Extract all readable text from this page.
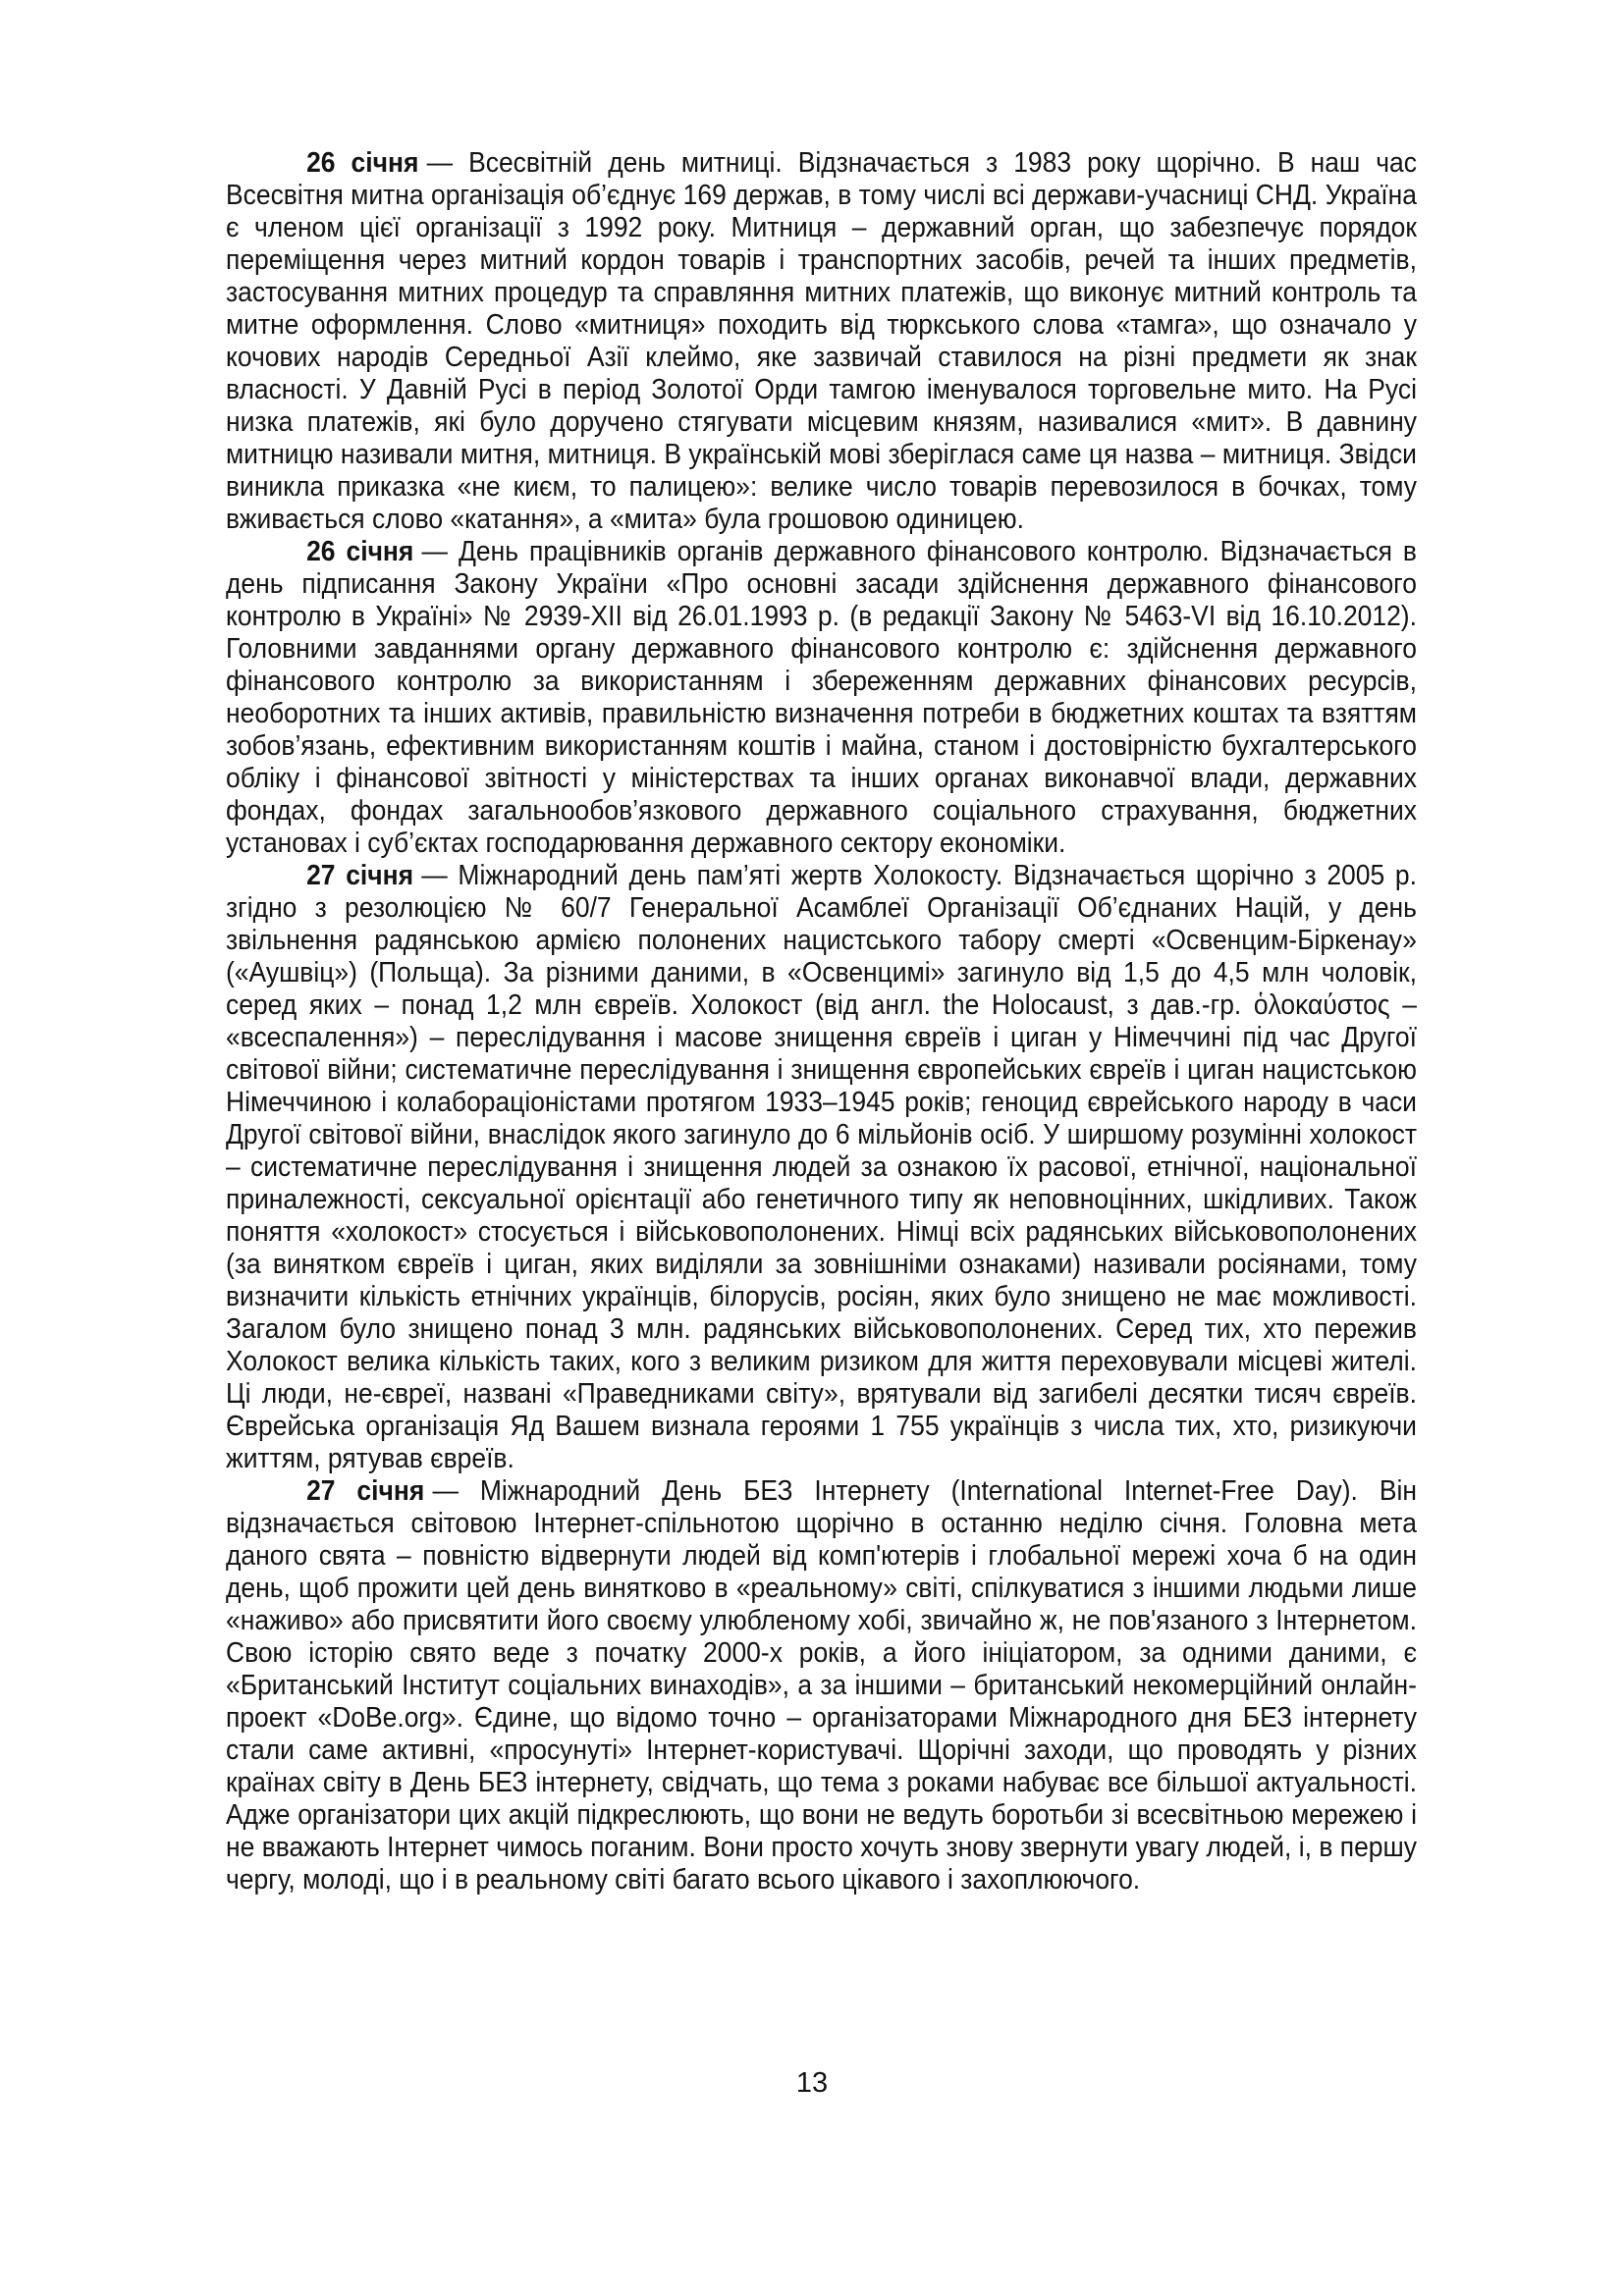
26 січня — Всесвітній день митниці. Відзначається з 1983 року щорічно. В наш час Всесвітня митна організація об’єднує 169 держав, в тому числі всі держави-учасниці СНД. Україна є членом цієї організації з 1992 року. Митниця – державний орган, що забезпечує порядок переміщення через митний кордон товарів і транспортних засобів, речей та інших предметів, застосування митних процедур та справляння митних платежів, що виконує митний контроль та митне оформлення. Слово «митниця» походить від тюркського слова «тамга», що означало у кочових народів Середньої Азії клеймо, яке зазвичай ставилося на різні предмети як знак власності. У Давній Русі в період Золотої Орди тамгою іменувалося торговельне мито. На Русі низка платежів, які було доручено стягувати місцевим князям, називалися «мит». В давнину митницю називали митня, митниця. В українській мові зберіглася саме ця назва – митниця. Звідси виникла приказка «не києм, то палицею»: велике число товарів перевозилося в бочках, тому вживається слово «катання», а «мита» була грошовою одиницею.

26 січня — День працівників органів державного фінансового контролю. Відзначається в день підписання Закону України «Про основні засади здійснення державного фінансового контролю в Україні» № 2939-XII від 26.01.1993 р. (в редакції Закону № 5463-VI від 16.10.2012). Головними завданнями органу державного фінансового контролю є: здійснення державного фінансового контролю за використанням і збереженням державних фінансових ресурсів, необоротних та інших активів, правильністю визначення потреби в бюджетних коштах та взяттям зобов’язань, ефективним використанням коштів і майна, станом і достовірністю бухгалтерського обліку і фінансової звітності у міністерствах та інших органах виконавчої влади, державних фондах, фондах загальнообов’язкового державного соціального страхування, бюджетних установах і суб’єктах господарювання державного сектору економіки.

27 січня — Міжнародний день пам’яті жертв Холокосту. Відзначається щорічно з 2005 р. згідно з резолюцією № 60/7 Генеральної Асамблеї Організації Об’єднаних Націй, у день звільнення радянською армією полонених нацистського табору смерті «Освенцим-Біркенау» («Аушвіц») (Польща). За різними даними, в «Освенцимі» загинуло від 1,5 до 4,5 млн чоловік, серед яких – понад 1,2 млн євреїв. Холокост (від англ. the Holocaust, з дав.-гр. ὁλοκαύστος – «всеспалення») – переслідування і масове знищення євреїв і циган у Німеччині під час Другої світової війни; систематичне переслідування і знищення європейських євреїв і циган нацистською Німеччиною і колабораціоністами протягом 1933–1945 років; геноцид єврейського народу в часи Другої світової війни, внаслідок якого загинуло до 6 мільйонів осіб. У ширшому розумінні холокост – систематичне переслідування і знищення людей за ознакою їх расової, етнічної, національної приналежності, сексуальної орієнтації або генетичного типу як неповноцінних, шкідливих. Також поняття «холокост» стосується і військовополонених. Німці всіх радянських військовополонених (за винятком євреїв і циган, яких виділяли за зовнішніми ознаками) називали росіянами, тому визначити кількість етнічних українців, білорусів, росіян, яких було знищено не має можливості. Загалом було знищено понад 3 млн. радянських військовополонених. Серед тих, хто пережив Холокост велика кількість таких, кого з великим ризиком для життя переховували місцеві жителі. Ці люди, не-євреї, названі «Праведниками світу», врятували від загибелі десятки тисяч євреїв. Єврейська організація Яд Вашем визнала героями 1 755 українців з числа тих, хто, ризикуючи життям, рятував євреїв.

27 січня — Міжнародний День БЕЗ Інтернету (International Internet-Free Day). Він відзначається світовою Інтернет-спільнотою щорічно в останню неділю січня. Головна мета даного свята – повністю відвернути людей від комп'ютерів і глобальної мережі хоча б на один день, щоб прожити цей день винятково в «реальному» світі, спілкуватися з іншими людьми лише «наживо» або присвятити його своєму улюбленому хобі, звичайно ж, не пов'язаного з Інтернетом. Свою історію свято веде з початку 2000-х років, а його ініціатором, за одними даними, є «Британський Інститут соціальних винаходів», а за іншими – британський некомерційний онлайн-проект «DoBe.org». Єдине, що відомо точно – організаторами Міжнародного дня БЕЗ інтернету стали саме активні, «просунуті» Інтернет-користувачі. Щорічні заходи, що проводять у різних країнах світу в День БЕЗ інтернету, свідчать, що тема з роками набуває все більшої актуальності. Адже організатори цих акцій підкреслюють, що вони не ведуть боротьби зі всесвітньою мережею і не вважають Інтернет чимось поганим. Вони просто хочуть знову звернути увагу людей, і, в першу чергу, молоді, що і в реальному світі багато всього цікавого і захоплюючого.

13
